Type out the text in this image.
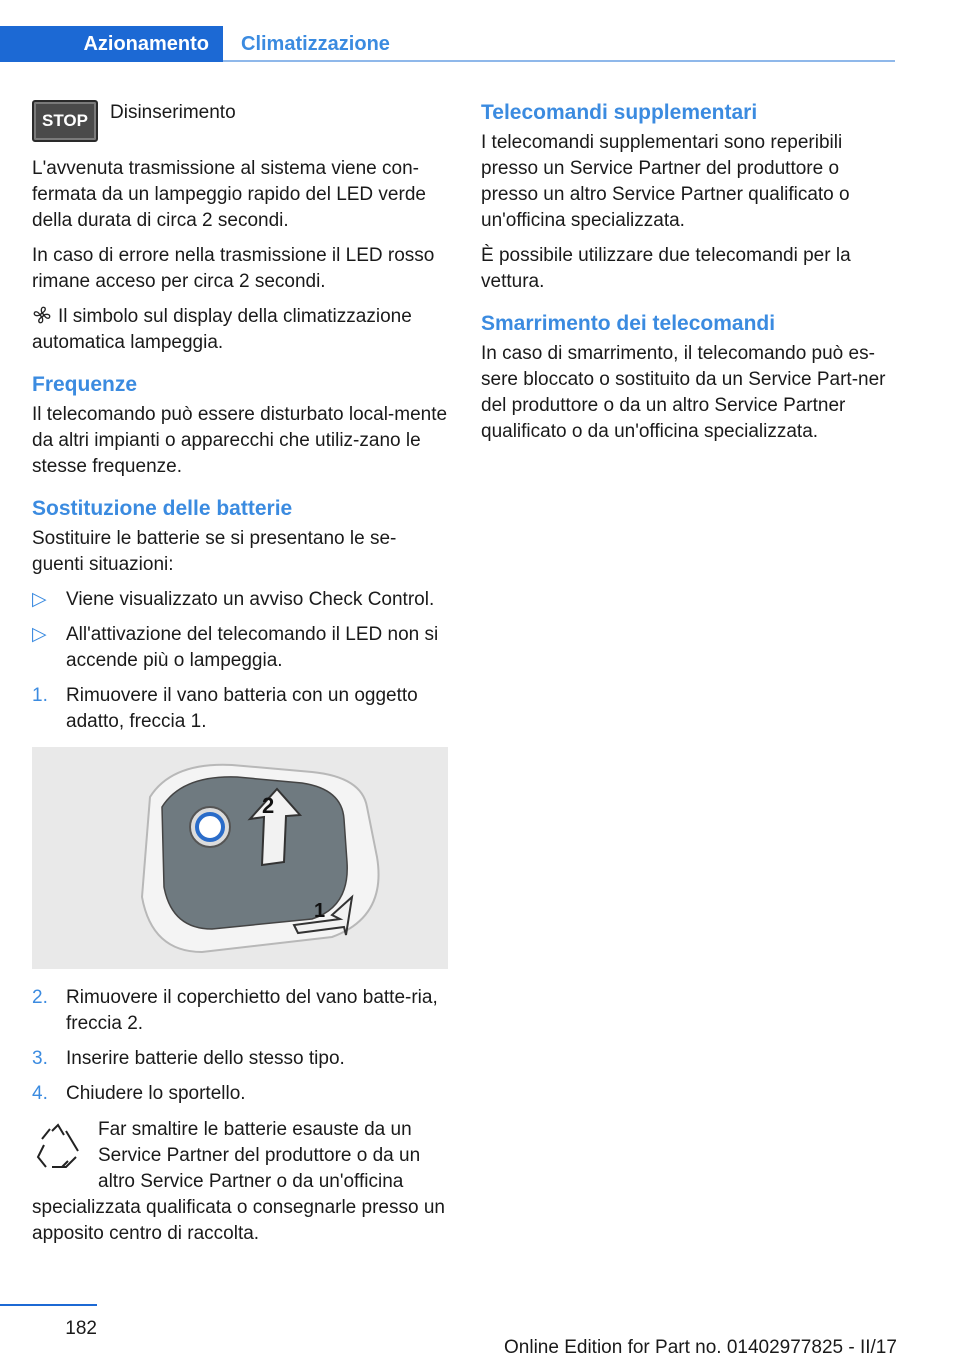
Azionamento	Climatizzazione
STOP	Disinserimento

L'avvenuta trasmissione al sistema viene con-fermata da un lampeggio rapido del LED verde della durata di circa 2 secondi.

In caso di errore nella trasmissione il LED rosso rimane acceso per circa 2 secondi.

Il simbolo sul display della climatizzazione automatica lampeggia.

Frequenze

Il telecomando può essere disturbato local-mente da altri impianti o apparecchi che utiliz-zano le stesse frequenze.

Sostituzione delle batterie

Sostituire le batterie se si presentano le se-guenti situazioni:

▷	Viene visualizzato un avviso Check Control.
▷	All'attivazione del telecomando il LED non si accende più o lampeggia.
1. Rimuovere il vano batteria con un oggetto adatto, freccia 1.
2
1
2. Rimuovere il coperchietto del vano batte-ria, freccia 2.
3. Inserire batterie dello stesso tipo.
4. Chiudere lo sportello.
Far smaltire le batterie esauste da un Service Partner del produttore o da un altro Service Partner o da un'officina specializzata qualificata o consegnarle presso un apposito centro di raccolta.
Telecomandi supplementari

I telecomandi supplementari sono reperibili presso un Service Partner del produttore o presso un altro Service Partner qualificato o un'officina specializzata.

È possibile utilizzare due telecomandi per la vettura.

Smarrimento dei telecomandi

In caso di smarrimento, il telecomando può es-sere bloccato o sostituito da un Service Part-ner del produttore o da un altro Service Partner qualificato o da un'officina specializzata.

182
Online Edition for Part no. 01402977825 - II/17
